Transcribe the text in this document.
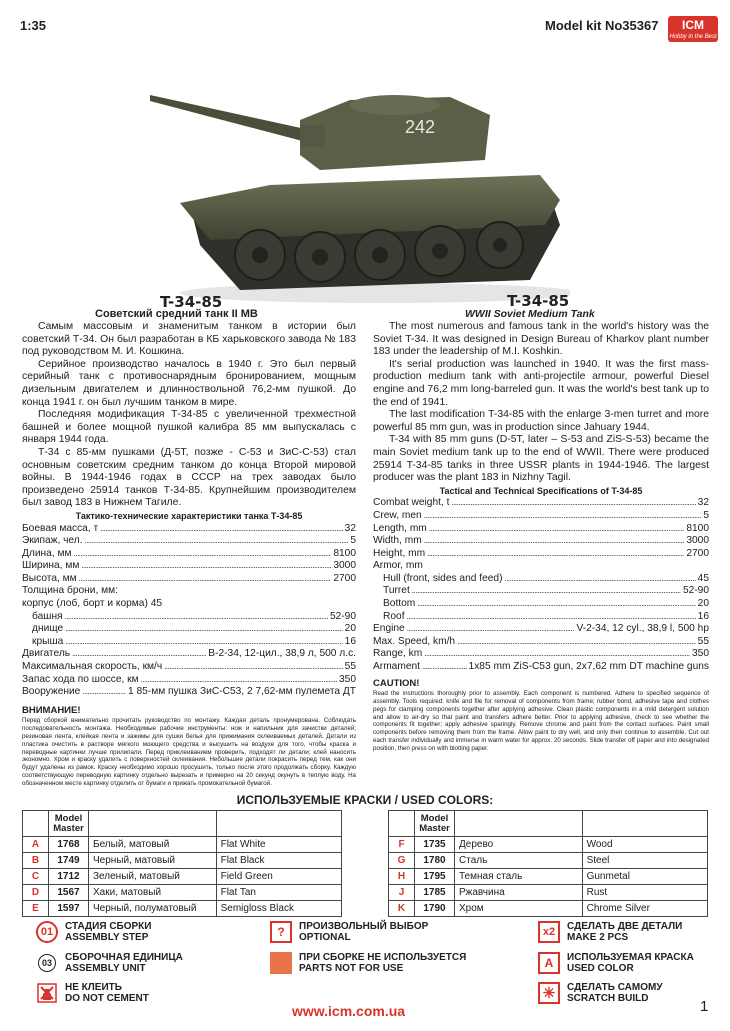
1:35	Model kit No35367	ICM
Hobby in the Best
242
T-34-85
Советский средний танк II МВ
T-34-85
WWII Soviet Medium Tank

Самым массовым и знаменитым танком в истории был советский Т-34. Он был разработан в КБ харьковского завода № 183 под руководством М. И. Кошкина.

Серийное производство началось в 1940 г. Это был первый серийный танк с противоснарядным бронированием, мощным дизельным двигателем и длинноствольной 76,2-мм пушкой. До конца 1941 г. он был лучшим танком в мире.

Последняя модификация Т-34-85 с увеличенной трехместной башней и более мощной пушкой калибра 85 мм выпускалась с января 1944 года.

Т-34 с 85-мм пушками (Д-5Т, позже - С-53 и ЗиС-С-53) стал основным советским средним танком до конца Второй мировой войны. В 1944-1946 годах в СССР на трех заводах было произведено 25914 танков Т-34-85. Крупнейшим производителем был завод 183 в Нижнем Тагиле.

Тактико-технические характеристики танка Т-34-85
Боевая масса, т .....	32
Экипаж, чел. .....	5
Длина, мм .....	8100
Ширина, мм .....	3000
Высота, мм .....	2700
Толщина брони, мм:
корпус (лоб, борт и корма) 45
башня .....	52-90
днище .....	20
крыша .....	16
Двигатель .....	В-2-34, 12-цил., 38,9 л, 500 л.с.
Максимальная скорость, км/ч .....	55
Запас хода по шоссе, км .....	350
Вооружение .....	1 85-мм пушка ЗиС-С53, 2 7,62-мм пулемета ДТ
ВНИМАНИЕ!
Перед сборкой внимательно прочитать руководство по монтажу. Каждая деталь пронумерована. Соблюдать последовательность монтажа. Необходимые рабочие инструменты: нож и напильник для зачистки деталей; резиновая лента, клейкая лента и зажимы для сушки белья для прижимания склеиваемых деталей. Детали из пластика очистить в растворе мягкого моющего средства и высушить на воздухе для того, чтобы краска и переводные картинки лучше прилипали. Перед приклеиванием проверить, подходят ли детали; клей наносить экономно. Хром и краску удалить с поверхностей склеивания. Небольшие детали покрасить перед тем, как они будут удалены из рамок. Краску необходимо хорошо просушить, только после этого продолжать сборку. Каждую соответствующую переводную картинку отдельно вырезать и примерно на 20 секунд окунуть в теплую воду. На обозначенном месте картинку отделить от бумаги и прижать промокательной бумагой.

The most numerous and famous tank in the world's history was the Soviet T-34. It was designed in Design Bureau of Kharkov plant number 183 under the leadership of M.I. Koshkin.

It's serial production was launched in 1940. It was the first mass-production medium tank with anti-projectile armour, powerful Diesel engine and 76,2 mm long-barreled gun. It was the world's best tank up to the end of 1941.

The last modification T-34-85 with the enlarge 3-men turret and more powerful 85 mm gun, was in production since Jahuary 1944.

T-34 with 85 mm guns (D-5T, later – S-53 and ZiS-S-53) became the main Soviet medium tank up to the end of WWII. There were produced 25914 T-34-85 tanks in three USSR plants in 1944-1946. The largest producer was the plant 183 in Nizhny Tagil.

Tactical and Technical Specifications of T-34-85
Combat weight, t .....	32
Crew, men .....	5
Length, mm .....	8100
Width, mm .....	3000
Height, mm .....	2700
Armor, mm
Hull (front, sides and feed) .....	45
Turret .....	52-90
Bottom .....	20
Roof .....	16
Engine .....	V-2-34, 12 cyl., 38,9 l, 500 hp
Max. Speed, km/h .....	55
Range, km .....	350
Armament .....	1x85 mm ZiS-C53 gun, 2x7,62 mm DT machine guns
CAUTION!
Read the instructions thoroughly prior to assembly. Each component is numbered. Adhere to specified sequence of assembly. Tools required: knife and file for removal of components from frame; rubber bond, adhesive tape and clothes pegs for clamping components together after applying adhesive. Clean plastic components in a mild detergent solution and allow to air-dry so that paint and transfers adhere better. Prior to applying adhesive, check to see whether the components fit together; apply adhesive sparingly. Remove chrome and paint from the contact surfaces. Paint small components before removing them from the frame. Allow paint to dry well, and only then continue to assemble. Cut out each transfer individually and immerse in warm water for approx. 20 seconds. Slide transfer off paper and into designated position, then press on with blotting paper.
ИСПОЛЬЗУЕМЫЕ КРАСКИ / USED COLORS:
	Model Master		
A	1768	Белый, матовый	Flat White
B	1749	Черный, матовый	Flat Black
C	1712	Зеленый, матовый	Field Green
D	1567	Хаки, матовый	Flat Tan
E	1597	Черный, полуматовый	Semigloss Black
	Model Master		
F	1735	Дерево	Wood
G	1780	Сталь	Steel
H	1795	Темная сталь	Gunmetal
J	1785	Ржавчина	Rust
K	1790	Хром	Chrome Silver
01	СТАДИЯ СБОРКИ
ASSEMBLY STEP
03	СБОРОЧНАЯ ЕДИНИЦА
ASSEMBLY UNIT
НЕ КЛЕИТЬ
DO NOT CEMENT
?	ПРОИЗВОЛЬНЫЙ ВЫБОР
OPTIONAL
ПРИ СБОРКЕ НЕ ИСПОЛЬЗУЕТСЯ
PARTS NOT FOR USE
x2	СДЕЛАТЬ ДВЕ ДЕТАЛИ
MAKE 2 PCS
A	ИСПОЛЬЗУЕМАЯ КРАСКА
USED COLOR
✳	СДЕЛАТЬ САМОМУ
SCRATCH BUILD
www.icm.com.ua	1
